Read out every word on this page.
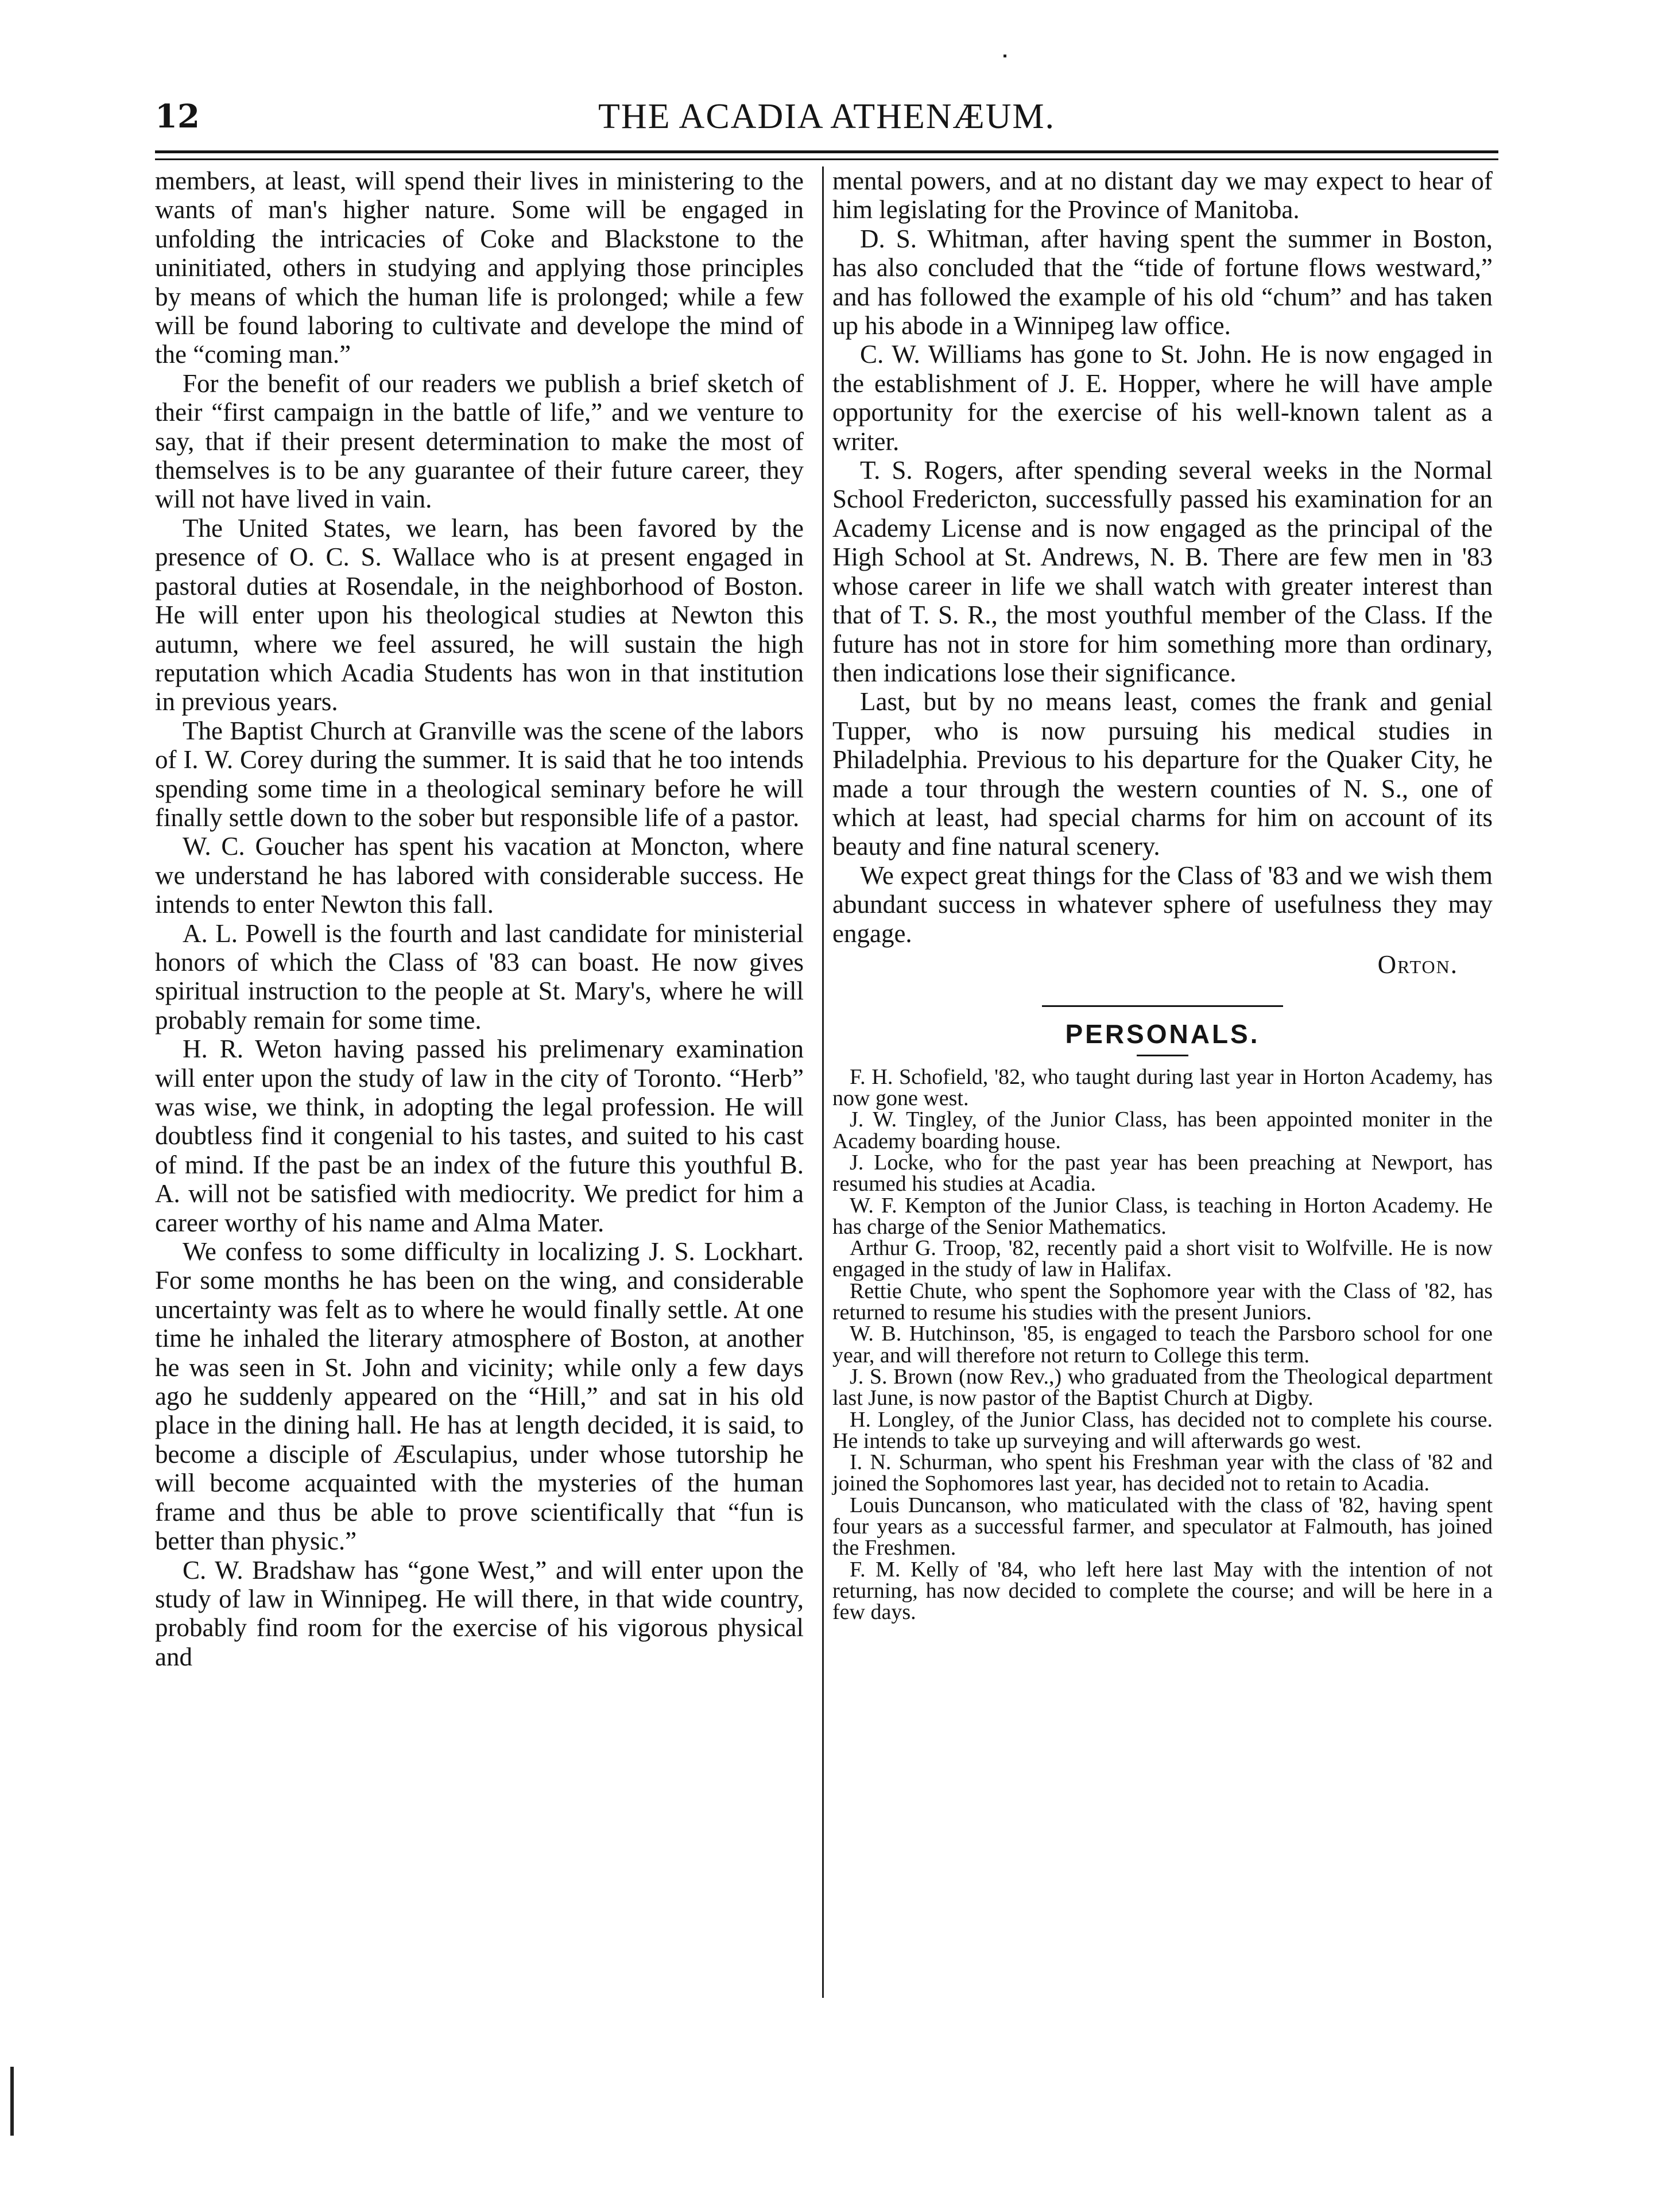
12	THE ACADIA ATHENÆUM.

members, at least, will spend their lives in ministering to the wants of man's higher nature. Some will be engaged in unfolding the intricacies of Coke and Blackstone to the uninitiated, others in studying and applying those principles by means of which the human life is prolonged; while a few will be found laboring to cultivate and develope the mind of the “coming man.”

For the benefit of our readers we publish a brief sketch of their “first campaign in the battle of life,” and we venture to say, that if their present determination to make the most of themselves is to be any guarantee of their future career, they will not have lived in vain.

The United States, we learn, has been favored by the presence of O. C. S. Wallace who is at present engaged in pastoral duties at Rosendale, in the neighborhood of Boston. He will enter upon his theological studies at Newton this autumn, where we feel assured, he will sustain the high reputation which Acadia Students has won in that institution in previous years.

The Baptist Church at Granville was the scene of the labors of I. W. Corey during the summer. It is said that he too intends spending some time in a theological seminary before he will finally settle down to the sober but responsible life of a pastor.

W. C. Goucher has spent his vacation at Moncton, where we understand he has labored with considerable success. He intends to enter Newton this fall.

A. L. Powell is the fourth and last candidate for ministerial honors of which the Class of '83 can boast. He now gives spiritual instruction to the people at St. Mary's, where he will probably remain for some time.

H. R. Weton having passed his prelimenary examination will enter upon the study of law in the city of Toronto. “Herb” was wise, we think, in adopting the legal profession. He will doubtless find it congenial to his tastes, and suited to his cast of mind. If the past be an index of the future this youthful B. A. will not be satisfied with mediocrity. We predict for him a career worthy of his name and Alma Mater.

We confess to some difficulty in localizing J. S. Lockhart. For some months he has been on the wing, and considerable uncertainty was felt as to where he would finally settle. At one time he inhaled the literary atmosphere of Boston, at another he was seen in St. John and vicinity; while only a few days ago he suddenly appeared on the “Hill,” and sat in his old place in the dining hall. He has at length decided, it is said, to become a disciple of Æsculapius, under whose tutorship he will become acquainted with the mysteries of the human frame and thus be able to prove scientifically that “fun is better than physic.”

C. W. Bradshaw has “gone West,” and will enter upon the study of law in Winnipeg. He will there, in that wide country, probably find room for the exercise of his vigorous physical and

mental powers, and at no distant day we may expect to hear of him legislating for the Province of Manitoba.

D. S. Whitman, after having spent the summer in Boston, has also concluded that the “tide of fortune flows westward,” and has followed the example of his old “chum” and has taken up his abode in a Winnipeg law office.

C. W. Williams has gone to St. John. He is now engaged in the establishment of J. E. Hopper, where he will have ample opportunity for the exercise of his well-known talent as a writer.

T. S. Rogers, after spending several weeks in the Normal School Fredericton, successfully passed his examination for an Academy License and is now engaged as the principal of the High School at St. Andrews, N. B. There are few men in '83 whose career in life we shall watch with greater interest than that of T. S. R., the most youthful member of the Class. If the future has not in store for him something more than ordinary, then indications lose their significance.

Last, but by no means least, comes the frank and genial Tupper, who is now pursuing his medical studies in Philadelphia. Previous to his departure for the Quaker City, he made a tour through the western counties of N. S., one of which at least, had special charms for him on account of its beauty and fine natural scenery.

We expect great things for the Class of '83 and we wish them abundant success in whatever sphere of usefulness they may engage.

Orton.
PERSONALS.

F. H. Schofield, '82, who taught during last year in Horton Academy, has now gone west.

J. W. Tingley, of the Junior Class, has been appointed moniter in the Academy boarding house.

J. Locke, who for the past year has been preaching at Newport, has resumed his studies at Acadia.

W. F. Kempton of the Junior Class, is teaching in Horton Academy. He has charge of the Senior Mathematics.

Arthur G. Troop, '82, recently paid a short visit to Wolfville. He is now engaged in the study of law in Halifax.

Rettie Chute, who spent the Sophomore year with the Class of '82, has returned to resume his studies with the present Juniors.

W. B. Hutchinson, '85, is engaged to teach the Parsboro school for one year, and will therefore not return to College this term.

J. S. Brown (now Rev.,) who graduated from the Theological department last June, is now pastor of the Baptist Church at Digby.

H. Longley, of the Junior Class, has decided not to complete his course. He intends to take up surveying and will afterwards go west.

I. N. Schurman, who spent his Freshman year with the class of '82 and joined the Sophomores last year, has decided not to retain to Acadia.

Louis Duncanson, who maticulated with the class of '82, having spent four years as a successful farmer, and speculator at Falmouth, has joined the Freshmen.

F. M. Kelly of '84, who left here last May with the intention of not returning, has now decided to complete the course; and will be here in a few days.
